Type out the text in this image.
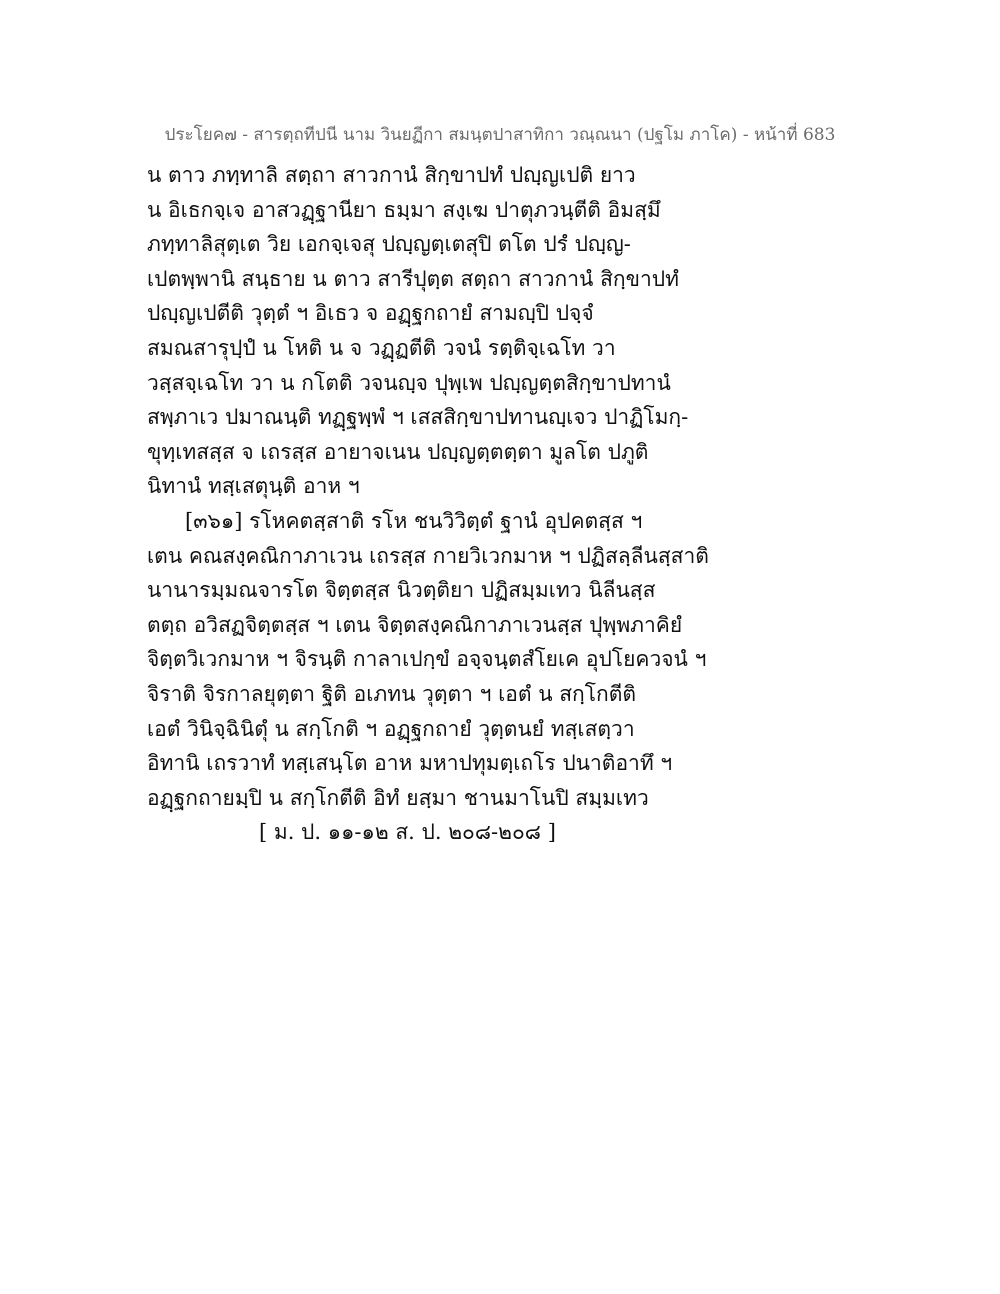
ประโยค๗ - สารตฺถทีปนี นาม วินยฏีกา สมนฺตปาสาทิกา วณฺณนา (ปฐโม ภาโค) - หน้าที่ 683
น ตาว ภทฺทาลิ สตฺถา สาวกานํ สิกฺขาปทํ ปญฺญเปติ ยาว
น อิเธกจฺเจ อาสวฏฺฐานียา ธมฺมา สงฺเฆ ปาตุภวนฺตีติ อิมสฺมึ
ภทฺทาลิสุตฺเต วิย เอกจฺเจสุ ปญฺญตฺเตสุปิ ตโต ปรํ ปญฺญ-
เปตพฺพานิ สนฺธาย น ตาว สารีปุตฺต สตฺถา สาวกานํ สิกฺขาปทํ
ปญฺญเปตีติ วุตฺตํ ฯ อิเธว จ อฏฺฐกถายํ สามญฺปิ ปจฺจํ
สมณสารุปฺปํ น โหติ น จ วฏฺฏตีติ วจนํ รตฺติจฺเฉโท วา
วสฺสจฺเฉโท วา น กโตติ วจนญฺจ ปุพฺเพ ปญฺญตฺตสิกฺขาปทานํ
สพฺภาเว ปมาณนฺติ ทฏฺฐพฺพํ ฯ เสสสิกฺขาปทานญฺเจว ปาฏิโมกฺ-
ขุทฺเทสสฺส จ เถรสฺส อายาจเนน ปญฺญตฺตตฺตา มูลโต ปภูติ
นิทานํ ทสฺเสตุนฺติ อาห ฯ
[๓๖๑] รโหคตสฺสาติ รโห ชนวิวิตฺตํ ฐานํ อุปคตสฺส ฯ
เตน คณสงฺคณิกาภาเวน เถรสฺส กายวิเวกมาห ฯ ปฏิสลฺลีนสฺสาติ
นานารมฺมณจารโต จิตฺตสฺส นิวตฺติยา ปฏิสมฺมเทว นิลีนสฺส
ตตฺถ อวิสฏจิตฺตสฺส ฯ เตน จิตฺตสงฺคณิกาภาเวนสฺส ปุพฺพภาคิยํ
จิตฺตวิเวกมาห ฯ จิรนฺติ กาลาเปกฺขํ อจฺจนฺตสํโยเค อุปโยควจนํ ฯ
จิราติ จิรกาลยุตฺตา ฐิติ อเภทน วุตฺตา ฯ เอตํ น สกฺโกตีติ
เอตํ วินิจฺฉินิตุํ น สกฺโกติ ฯ อฏฺฐกถายํ วุตฺตนยํ ทสฺเสตฺวา
อิทานิ เถรวาทํ ทสฺเสนฺโต อาห มหาปทุมตฺเถโร ปนาติอาทึ ฯ
อฏฺฐกถายมฺปิ น สกฺโกตีติ อิทํ ยสฺมา ชานมาโนปิ สมฺมเทว
[ ม. ป. ๑๑-๑๒ ส. ป. ๒๐๘-๒๐๘ ]
